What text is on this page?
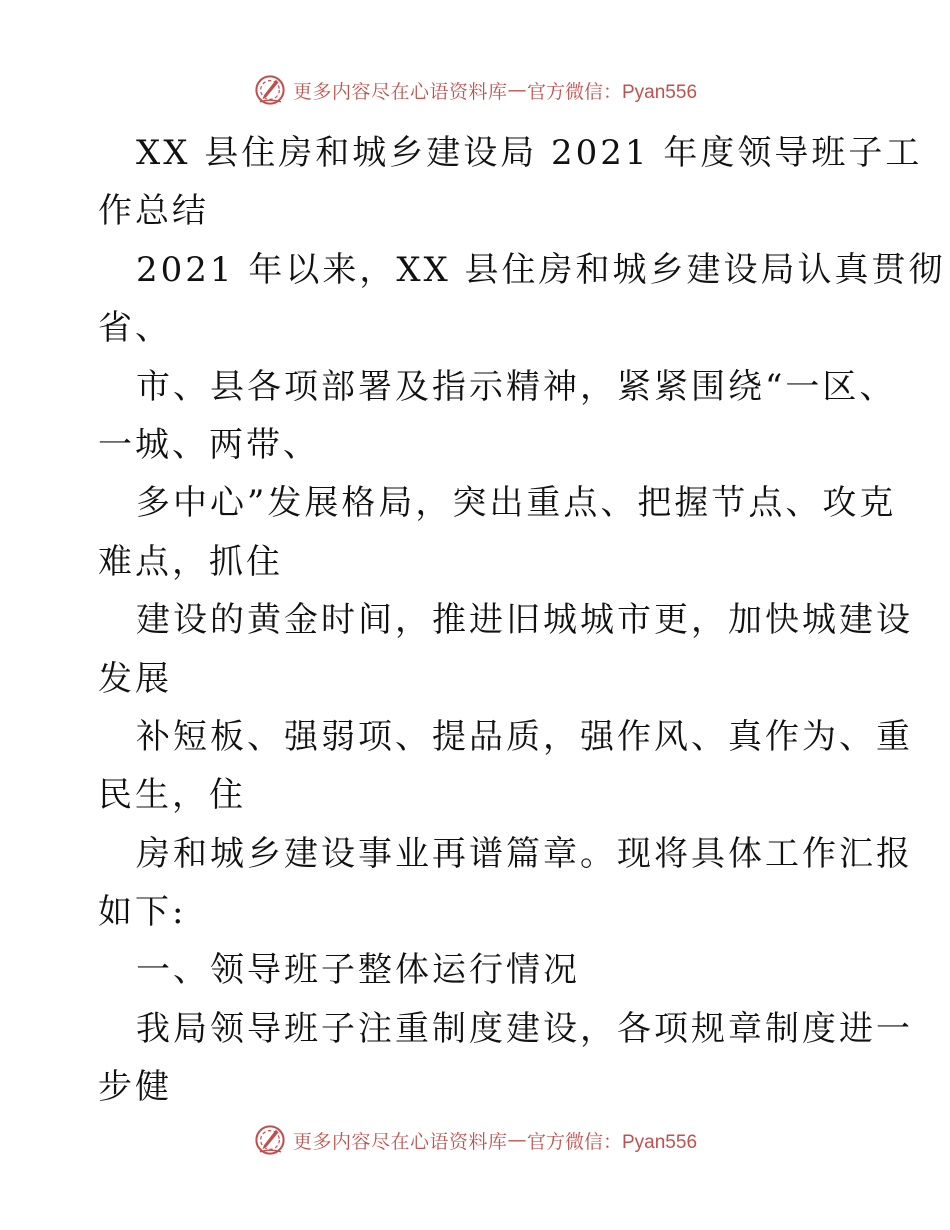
更多内容尽在心语资料库 — 官方微信：Pyan556
XX 县住房和城乡建设局 2021 年度领导班子工
作总结
2021 年以来，XX 县住房和城乡建设局认真贯彻
省、
市、县各项部署及指示精神，紧紧围绕“一区、
一城、两带、
多中心”发展格局，突出重点、把握节点、攻克
难点，抓住
建设的黄金时间，推进旧城城市更，加快城建设
发展
补短板、强弱项、提品质，强作风、真作为、重
民生，住
房和城乡建设事业再谱篇章。现将具体工作汇报
如下:
一、领导班子整体运行情况
我局领导班子注重制度建设，各项规章制度进一
步健
更多内容尽在心语资料库 — 官方微信：Pyan556
